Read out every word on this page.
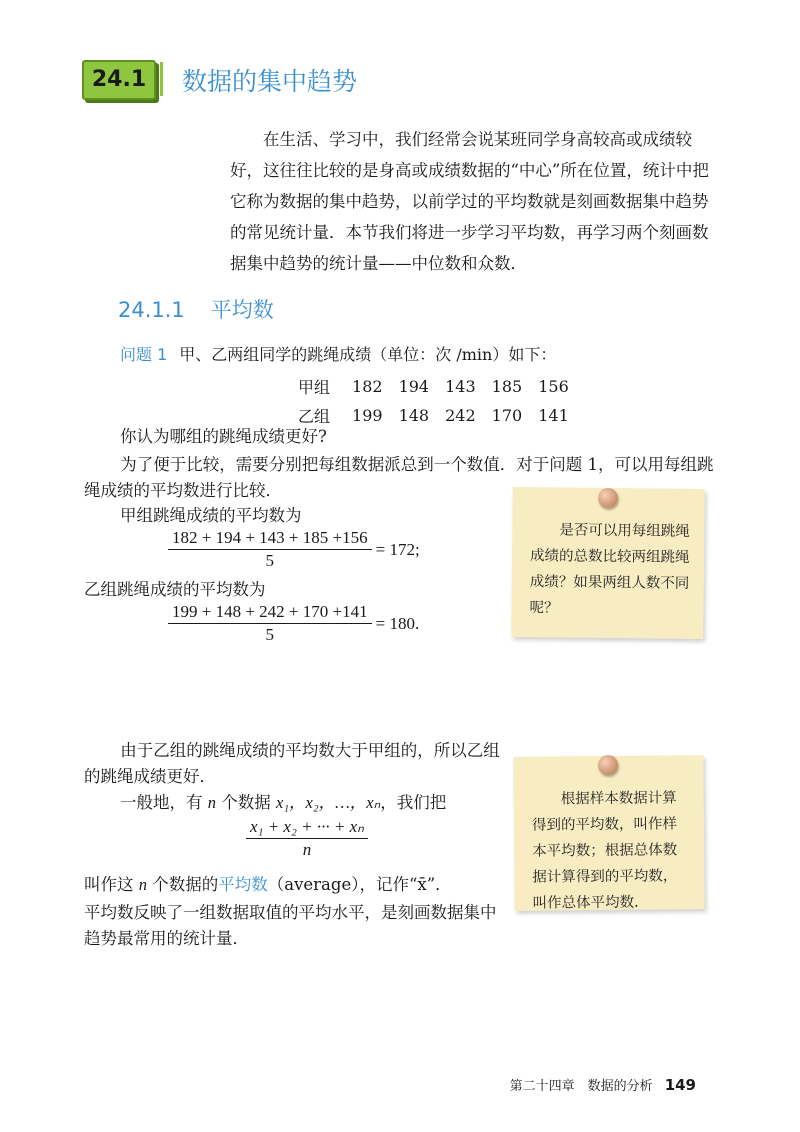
24.1	数据的集中趋势
在生活、学习中，我们经常会说某班同学身高较高或成绩较好，这往往比较的是身高或成绩数据的“中心”所在位置，统计中把它称为数据的集中趋势，以前学过的平均数就是刻画数据集中趋势的常见统计量．本节我们将进一步学习平均数，再学习两个刻画数据集中趋势的统计量——中位数和众数．
24.1.1 平均数
问题 1 甲、乙两组同学的跳绳成绩（单位：次 /min）如下：
甲组	182	194	143	185	156
乙组	199	148	242	170	141
你认为哪组的跳绳成绩更好?
为了便于比较，需要分别把每组数据派总到一个数值．对于问题 1，可以用每组跳绳成绩的平均数进行比较．
甲组跳绳成绩的平均数为
$\frac{182 + 194 + 143 + 185 +156}{5} = 172$;
乙组跳绳成绩的平均数为
$\frac{199 + 148 + 242 + 170 +141}{5} = 180$.
是否可以用每组跳绳成绩的总数比较两组跳绳成绩？如果两组人数不同呢？
由于乙组的跳绳成绩的平均数大于甲组的，所以乙组的跳绳成绩更好．
一般地，有 n 个数据 x₁，x₂，…，xₙ，我们把
$\frac{\text{x₁ + x₂ + ··· + xₙ}}{n}$
叫作这 n 个数据的平均数（average），记作“x̄”．
平均数反映了一组数据取值的平均水平，是刻画数据集中趋势最常用的统计量．
根据样本数据计算得到的平均数，叫作样本平均数；根据总体数据计算得到的平均数，叫作总体平均数．
第二十四章　数据的分析 149
